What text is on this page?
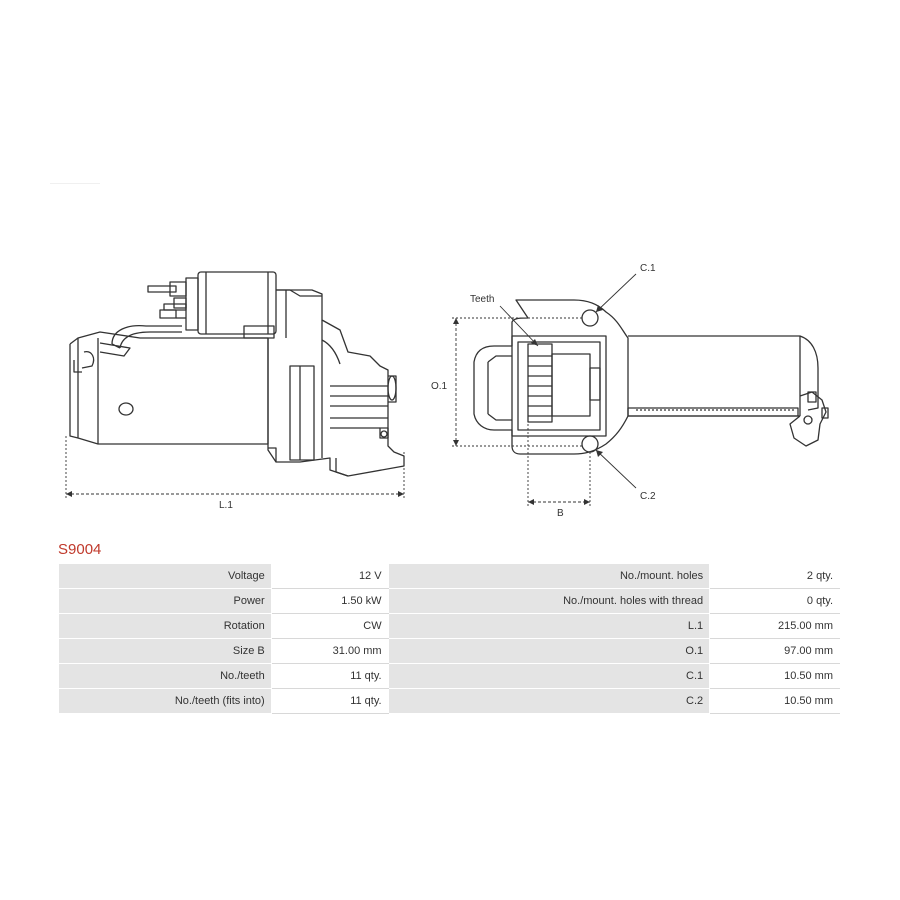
L.1
O.1
B
C.1
C.2
Teeth
S9004
Voltage	12 V	No./mount. holes	2 qty.
Power	1.50 kW	No./mount. holes with thread	0 qty.
Rotation	CW	L.1	215.00 mm
Size B	31.00 mm	O.1	97.00 mm
No./teeth	11 qty.	C.1	10.50 mm
No./teeth (fits into)	11 qty.	C.2	10.50 mm
